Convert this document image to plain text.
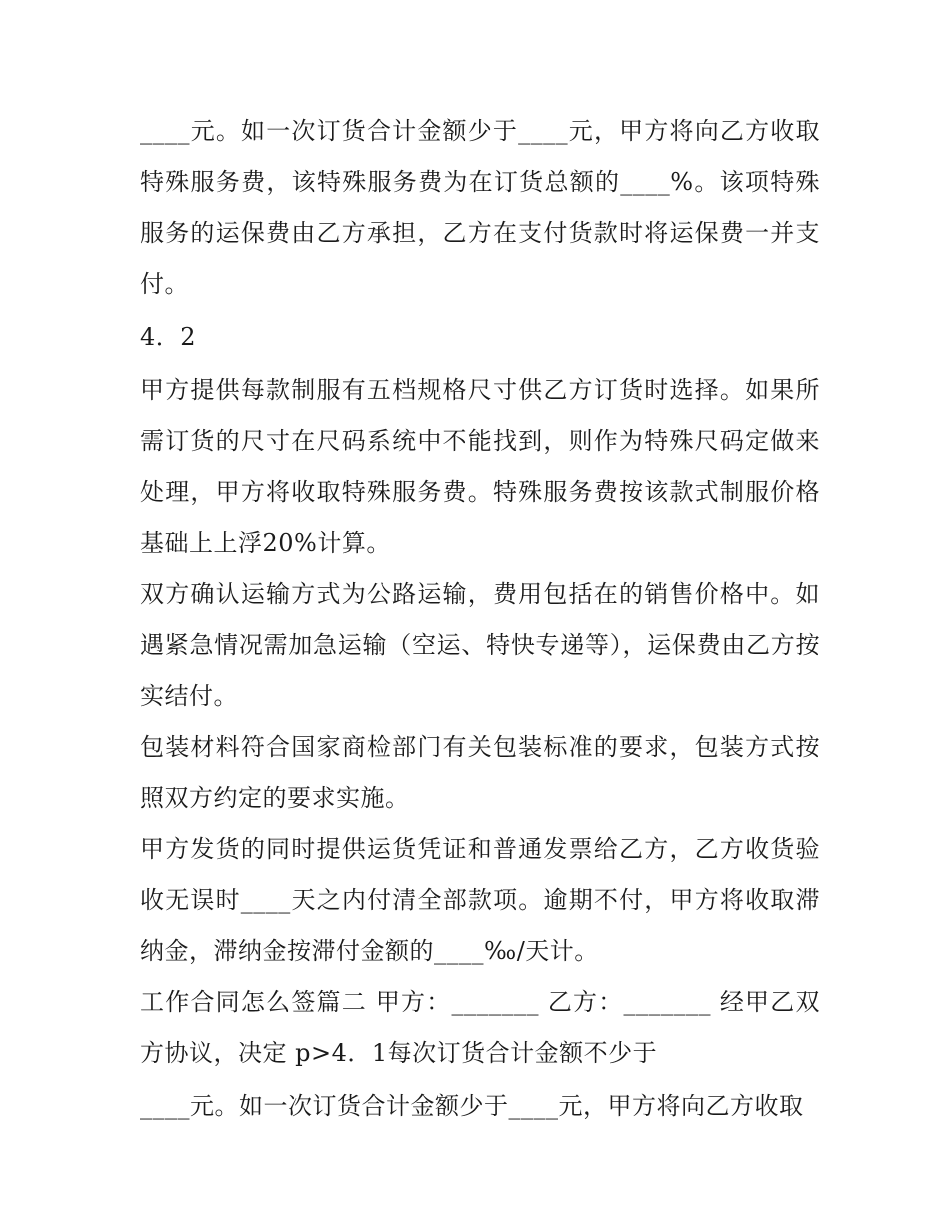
____元。如一次订货合计金额少于____元，甲方将向乙方收取特殊服务费，该特殊服务费为在订货总额的____%。该项特殊服务的运保费由乙方承担，乙方在支付货款时将运保费一并支付。

4．2

甲方提供每款制服有五档规格尺寸供乙方订货时选择。如果所需订货的尺寸在尺码系统中不能找到，则作为特殊尺码定做来处理，甲方将收取特殊服务费。特殊服务费按该款式制服价格基础上上浮20%计算。

双方确认运输方式为公路运输，费用包括在的销售价格中。如遇紧急情况需加急运输（空运、特快专递等），运保费由乙方按实结付。

包装材料符合国家商检部门有关包装标准的要求，包装方式按照双方约定的要求实施。

甲方发货的同时提供运货凭证和普通发票给乙方，乙方收货验收无误时____天之内付清全部款项。逾期不付，甲方将收取滞纳金，滞纳金按滞付金额的____‰/天计。

工作合同怎么签篇二 甲方：_______ 乙方：_______ 经甲乙双方协议，决定 p>4．1每次订货合计金额不少于

____元。如一次订货合计金额少于____元，甲方将向乙方收取
